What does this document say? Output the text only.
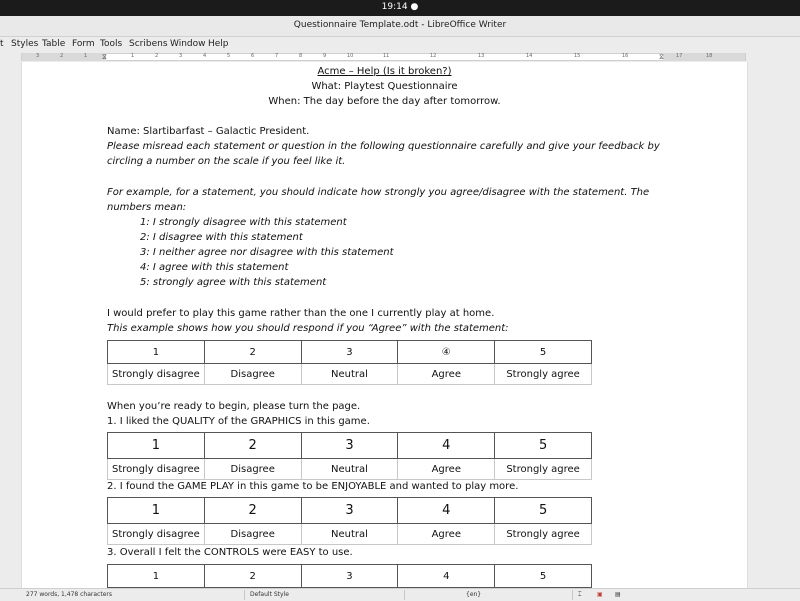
19:14 ●
Questionnaire Template.odt - LibreOffice Writer
t Styles Table Form Tools Scribens Window Help
3	2	1	1	2	3	4	5	6	7	8	9	10	11	12	13	14	15	16	17	18
⧖	⧖
Acme – Help (Is it broken?)
What: Playtest Questionnaire
When: The day before the day after tomorrow.
Name: Slartibarfast – Galactic President.
Please misread each statement or question in the following questionnaire carefully and give your feedback by
circling a number on the scale if you feel like it.
For example, for a statement, you should indicate how strongly you agree/disagree with the statement. The
numbers mean:
1: I strongly disagree with this statement
2: I disagree with this statement
3: I neither agree nor disagree with this statement
4: I agree with this statement
5: strongly agree with this statement
I would prefer to play this game rather than the one I currently play at home.
This example shows how you should respond if you “Agree” with the statement:
1	2	3	④	5
Strongly disagree	Disagree	Neutral	Agree	Strongly agree
When you’re ready to begin, please turn the page.
1. I liked the QUALITY of the GRAPHICS in this game.
1	2	3	4	5
Strongly disagree	Disagree	Neutral	Agree	Strongly agree
2. I found the GAME PLAY in this game to be ENJOYABLE and wanted to play more.
1	2	3	4	5
Strongly disagree	Disagree	Neutral	Agree	Strongly agree
3. Overall I felt the CONTROLS were EASY to use.
1	2	3	4	5
277 words, 1,478 characters	Default Style	{en}	⌶	▣ ▤
